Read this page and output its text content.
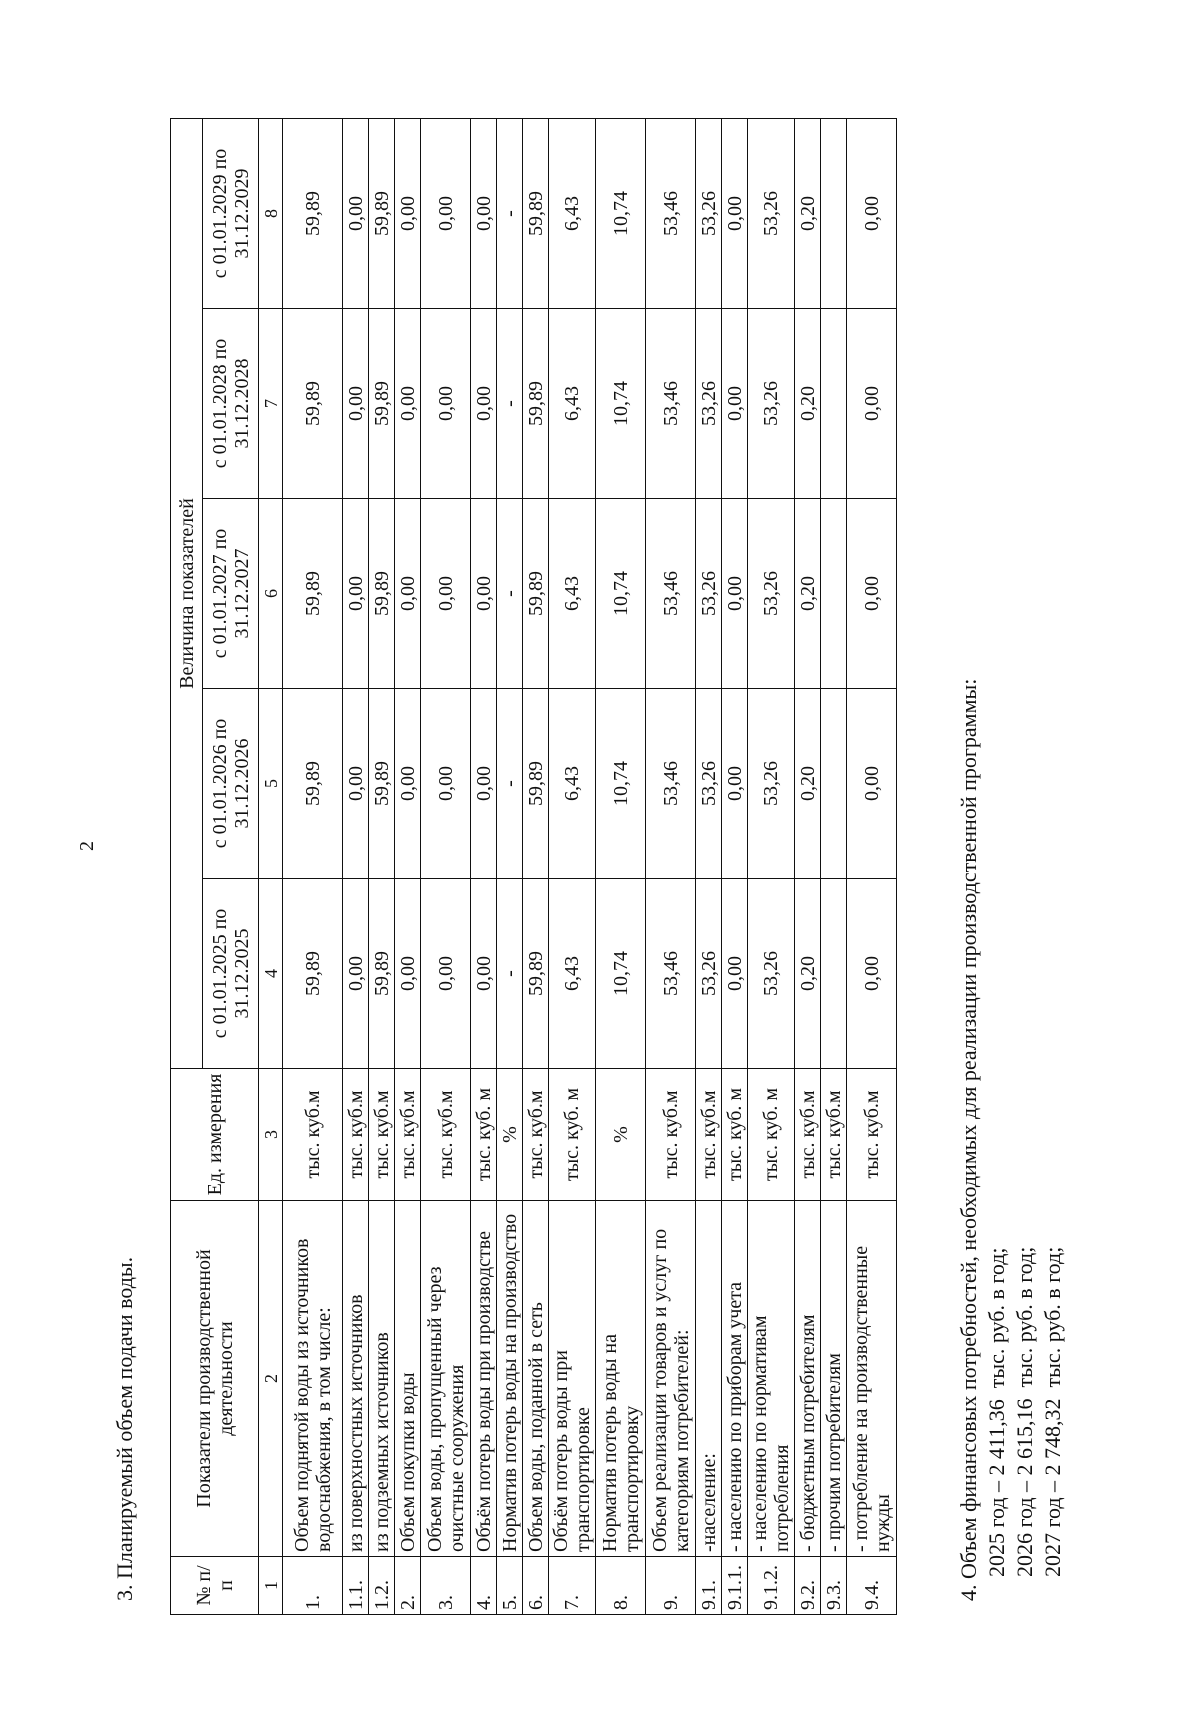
2
3. Планируемый объем подачи воды.	№ п/п	Показатели производственной деятельности	Ед. измерения	Величина показателей				
			с 01.01.2025 по 31.12.2025	с 01.01.2026 по 31.12.2026	с 01.01.2027 по 31.12.2027	с 01.01.2028 по 31.12.2028	с 01.01.2029 по 31.12.2029
1	2	3	4	5	6	7	8
1.	Объем поднятой воды из источников водоснабжения, в том числе:	тыс. куб.м	59,89	59,89	59,89	59,89	59,89
1.1.	из поверхностных источников	тыс. куб.м	0,00	0,00	0,00	0,00	0,00
1.2.	из подземных источников	тыс. куб.м	59,89	59,89	59,89	59,89	59,89
2.	Объем покупки воды	тыс. куб.м	0,00	0,00	0,00	0,00	0,00
3.	Объем воды, пропущенный через очистные сооружения	тыс. куб.м	0,00	0,00	0,00	0,00	0,00
4.	Объём потерь воды при производстве	тыс. куб. м	0,00	0,00	0,00	0,00	0,00
5.	Норматив потерь воды на производство	%	-	-	-	-	-
6.	Объем воды, поданной в сеть	тыс. куб.м	59,89	59,89	59,89	59,89	59,89
7.	Объём потерь воды при транспортировке	тыс. куб. м	6,43	6,43	6,43	6,43	6,43
8.	Норматив потерь воды на транспортировку	%	10,74	10,74	10,74	10,74	10,74
9.	Объем реализации товаров и услуг по категориям потребителей:	тыс. куб.м	53,46	53,46	53,46	53,46	53,46
9.1.	-население:	тыс. куб.м	53,26	53,26	53,26	53,26	53,26
9.1.1.	- населению по приборам учета	тыс. куб. м	0,00	0,00	0,00	0,00	0,00
9.1.2.	- населению по нормативам потребления	тыс. куб. м	53,26	53,26	53,26	53,26	53,26
9.2.	- бюджетным потребителям	тыс. куб.м	0,20	0,20	0,20	0,20	0,20
9.3.	- прочим потребителям	тыс. куб.м					
9.4.	- потребление на производственные нужды	тыс. куб.м	0,00	0,00	0,00	0,00	0,00
4. Объем финансовых потребностей, необходимых для реализации производственной программы: 2025 год – 2 411,36  тыс. руб. в год; 2026 год – 2 615,16  тыс. руб. в год; 2027 год – 2 748,32  тыс. руб. в год;
